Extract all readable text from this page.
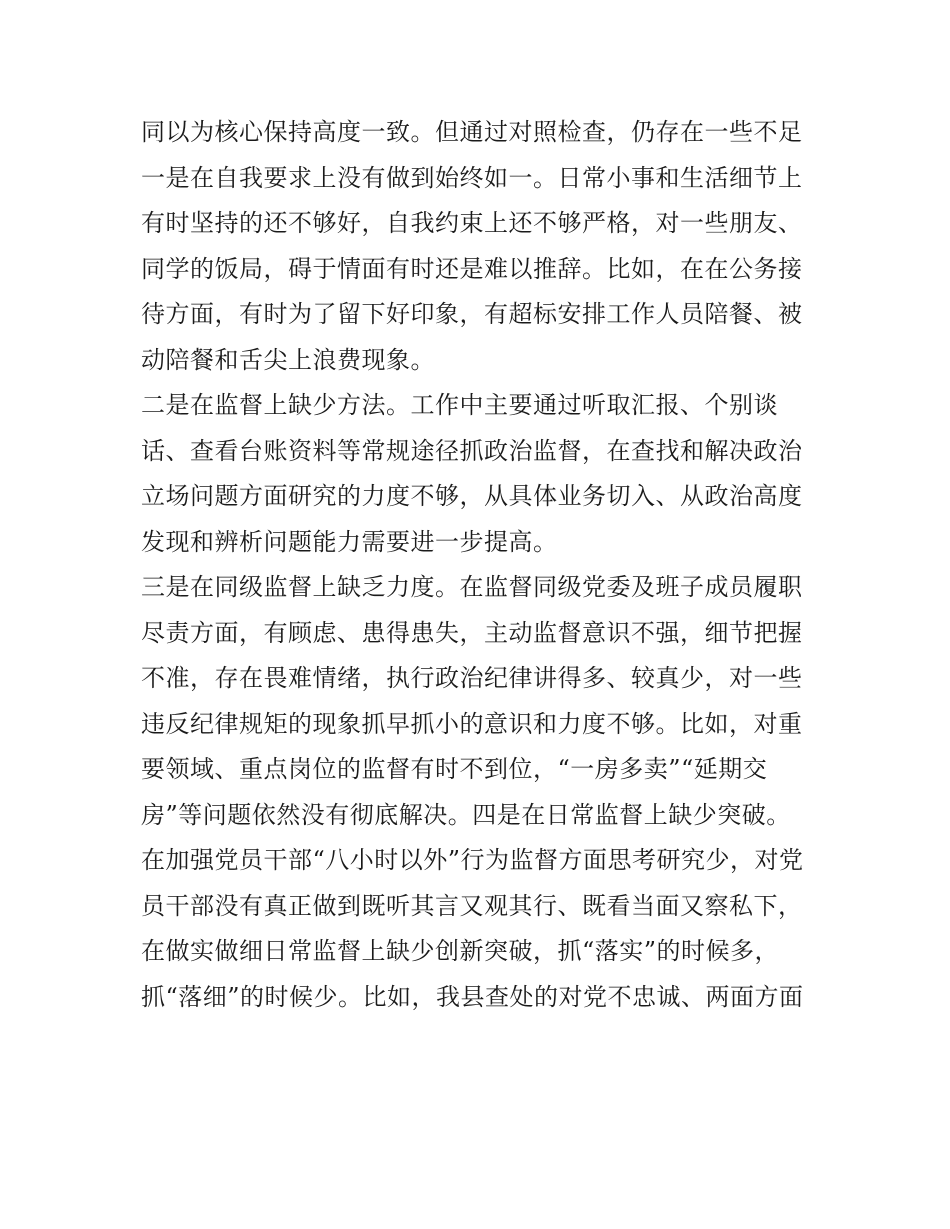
同以为核心保持高度一致。但通过对照检查，仍存在一些不足
一是在自我要求上没有做到始终如一。日常小事和生活细节上
有时坚持的还不够好，自我约束上还不够严格，对一些朋友、
同学的饭局，碍于情面有时还是难以推辞。比如，在在公务接
待方面，有时为了留下好印象，有超标安排工作人员陪餐、被
动陪餐和舌尖上浪费现象。
二是在监督上缺少方法。工作中主要通过听取汇报、个别谈
话、查看台账资料等常规途径抓政治监督，在查找和解决政治
立场问题方面研究的力度不够，从具体业务切入、从政治高度
发现和辨析问题能力需要进一步提高。
三是在同级监督上缺乏力度。在监督同级党委及班子成员履职
尽责方面，有顾虑、患得患失，主动监督意识不强，细节把握
不准，存在畏难情绪，执行政治纪律讲得多、较真少，对一些
违反纪律规矩的现象抓早抓小的意识和力度不够。比如，对重
要领域、重点岗位的监督有时不到位，“一房多卖”“延期交
房”等问题依然没有彻底解决。四是在日常监督上缺少突破。
在加强党员干部“八小时以外”行为监督方面思考研究少，对党
员干部没有真正做到既听其言又观其行、既看当面又察私下，
在做实做细日常监督上缺少创新突破，抓“落实”的时候多，
抓“落细”的时候少。比如，我县查处的对党不忠诚、两面方面
